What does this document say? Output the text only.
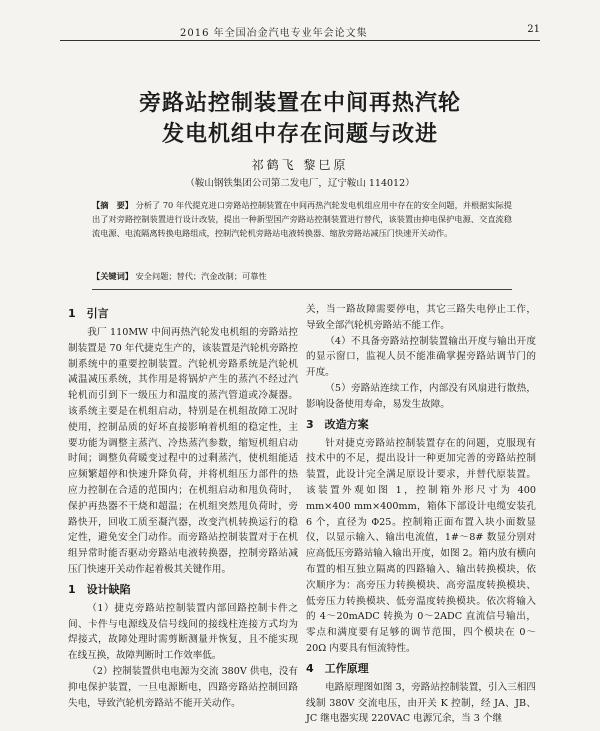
2016 年全国冶金汽电专业年会论文集	21
旁路站控制装置在中间再热汽轮
发电机组中存在问题与改进
祁鹤飞 黎巳原
（鞍山钢铁集团公司第二发电厂，辽宁鞍山 114012）
【摘　要】 分析了 70 年代提克进口旁路站控制装置在中间再热汽轮发电机组应用中存在的安全问题，并根据实际提出了对旁路控制装置进行设计改装，提出一种新型国产旁路站控制装置进行替代，该装置由抑电保护电源、交直流稳流电源、电流隔离转换电路组成，控制汽轮机旁路站电液转换器、缩放旁路站减压门快速开关动作。
【关键词】 安全问题；替代；汽金改制；可靠性
1　引言

我厂 110MW 中间再热汽轮发电机组的旁路站控制装置是 70 年代捷克生产的，该装置是汽轮机旁路控制系统中的重要控制装置。汽轮机旁路系统是汽轮机减温减压系统，其作用是将锅炉产生的蒸汽不经过汽轮机而引到下一级压力和温度的蒸汽管道或冷凝器。该系统主要是在机组启动，特别是在机组故障工况时使用，控制品质的好坏直接影响着机组的稳定性，主要功能为调整主蒸汽、冷热蒸汽参数，缩短机组启动时间；调整负荷暖变过程中的过剩蒸汽，使机组能适应频繁超停和快速升降负荷，并将机组压力部件的热应力控制在合适的范围内；在机组启动和甩负荷时，保护再热器不干烧和超温；在机组突然甩负荷时，旁路快开，回收工质至凝汽器，改变汽机转换运行的稳定性，避免安全门动作。而旁路站控制装置对于在机组异常时能否驱动旁路站电液转换器，控制旁路站减压门快速开关动作起着极其关键作用。

1　设计缺陷

（1）捷克旁路站控制装置内部回路控制卡件之间、卡件与电源线及信号线间的接线柱连接方式均为焊接式，故障处理时需剪断测量并恢复，且不能实现在线互换，故障判断时工作效率低。

（2）控制装置供电电源为交流 380V 供电，没有抑电保护装置，一旦电源断电，四路旁路站控制回路失电，导致汽轮机旁路站不能开关动作。

关，当一路故障需要停电，其它三路失电停止工作，导致全部汽轮机旁路站不能工作。

（4）不具备旁路站控制装置输出开度与输出开度的显示窗口，监视人员不能准确掌握旁路站调节门的开度。

（5）旁路站连续工作，内部没有风扇进行散热，影响设备使用寿命，易发生故障。

3　改造方案

针对捷克旁路站控制装置存在的问题，克服现有技术中的不足，提出设计一种更加完善的旁路站控制装置，此设计完全满足原设计要求，并替代原装置。该装置外观如图 1，控制箱外形尺寸为 400 mm×400 mm×400mm，箱体下部设计电缆安装孔 6 个，直径为 Φ25。控制箱正面布置入块小面数显仪，以显示输入、输出电流值，1#～8# 数显分别对应高低压旁路站输入输出开度，如图 2。箱内放有横向布置的相互独立隔离的四路输入、输出转换模块，依次顺序为：高旁压力转换模块、高旁温度转换模块、低旁压力转换模块、低旁温度转换模块。依次将输入的 4～20mADC 转换为 0～2ADC 直流信号输出，零点和满度要有足够的调节范围，四个模块在 0～20Ω 内要具有恒流特性。

4　工作原理

电路原理图如图 3，旁路站控制装置，引入三相四线制 380V 交流电压，由开关 K 控制，经 JA、JB、JC 继电器实现 220VAC 电源冗余，当 3 个继
